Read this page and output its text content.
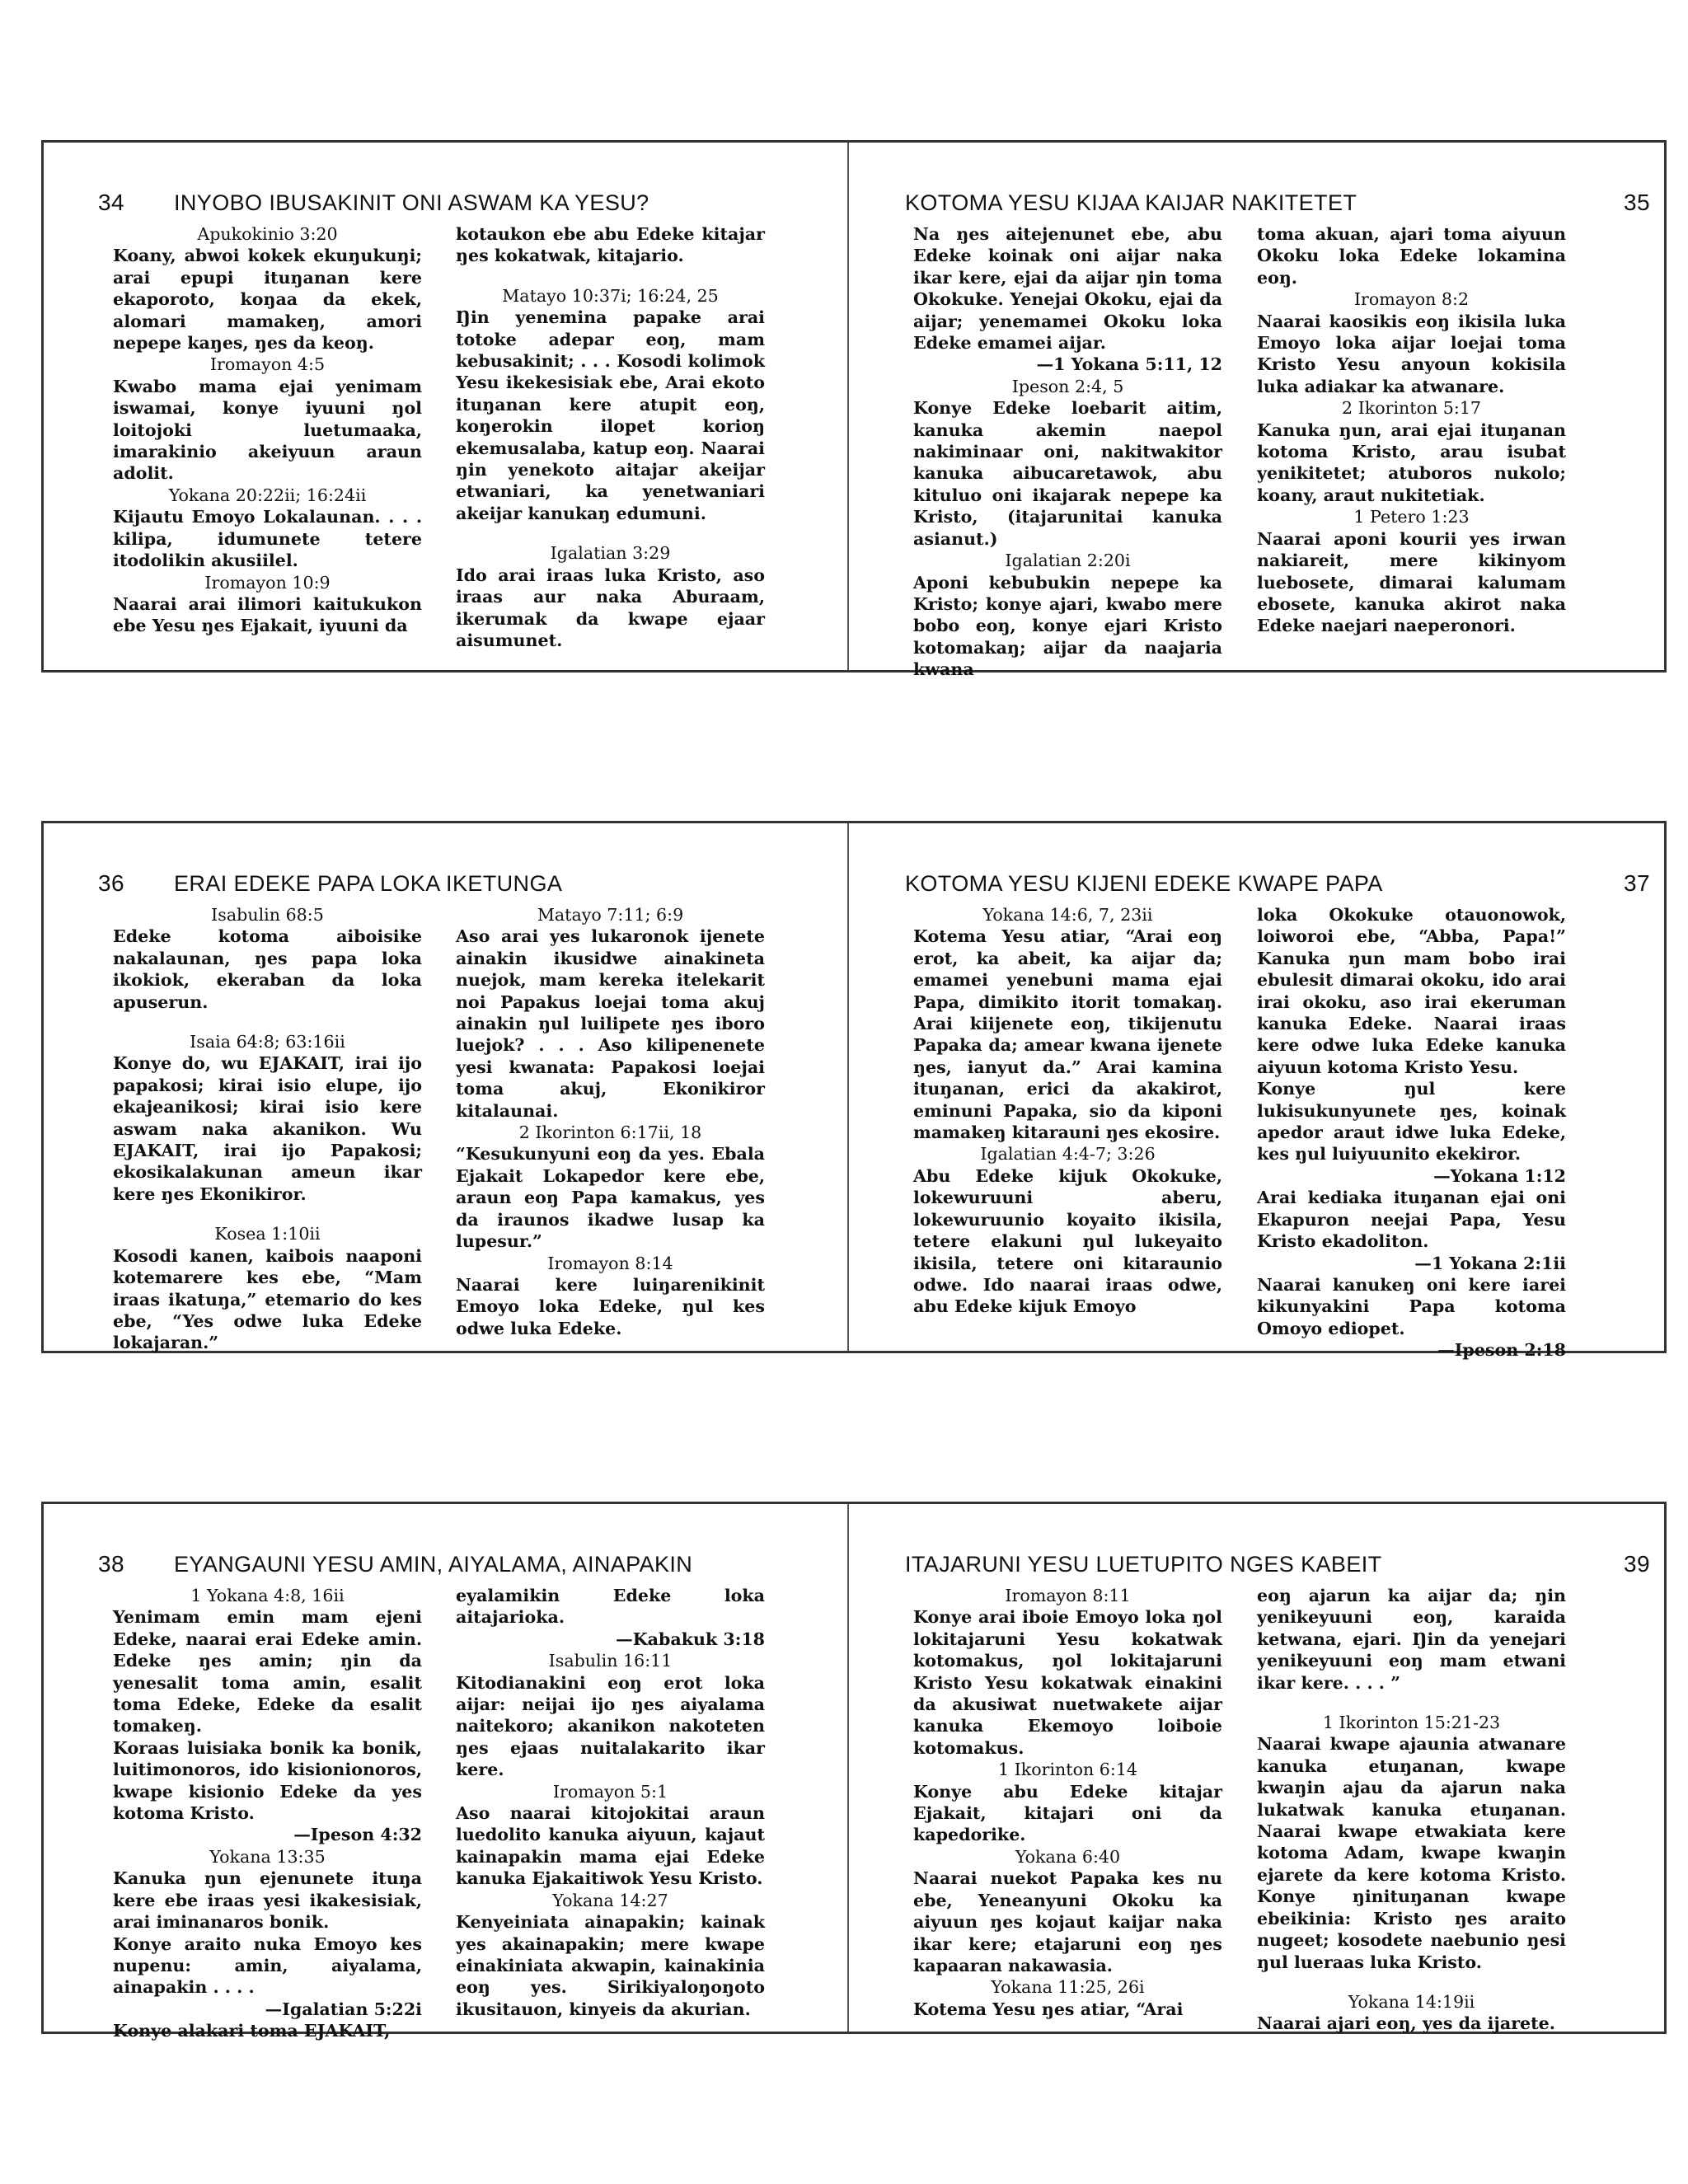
34	INYOBO IBUSAKINIT ONI ASWAM KA YESU?
Apukokinio 3:20
Koany, abwoi kokek ekuŋukuŋi; arai epupi ituŋanan kere ekaporoto, koŋaa da ekek, alomari mamakeŋ, amori nepepe kaŋes, ŋes da keoŋ.
Iromayon 4:5
Kwabo mama ejai yenimam iswamai, konye iyuuni ŋol loitojoki luetumaaka, imarakinio akeiyuun araun adolit.
Yokana 20:22ii; 16:24ii
Kijautu Emoyo Lokalaunan. . . . kilipa, idumunete tetere itodolikin akusiilel.
Iromayon 10:9
Naarai arai ilimori kaitukukon ebe Yesu ŋes Ejakait, iyuuni da
kotaukon ebe abu Edeke kitajar ŋes kokatwak, kitajario.
Matayo 10:37i; 16:24, 25
Ŋin yenemina papake arai totoke adepar eoŋ, mam kebusakinit; . . . Kosodi kolimok Yesu ikekesisiak ebe, Arai ekoto ituŋanan kere atupit eoŋ, koŋerokin ilopet korioŋ ekemusalaba, katup eoŋ. Naarai ŋin yenekoto aitajar akeijar etwaniari, ka yenetwaniari akeijar kanukaŋ edumuni.
Igalatian 3:29
Ido arai iraas luka Kristo, aso iraas aur naka Aburaam, ikerumak da kwape ejaar aisumunet.
KOTOMA YESU KIJAA KAIJAR NAKITETET	35
Na ŋes aitejenunet ebe, abu Edeke koinak oni aijar naka ikar kere, ejai da aijar ŋin toma Okokuke. Yenejai Okoku, ejai da aijar; yenemamei Okoku loka Edeke emamei aijar.
—1 Yokana 5:11, 12
Ipeson 2:4, 5
Konye Edeke loebarit aitim, kanuka akemin naepol nakiminaar oni, nakitwakitor kanuka aibucaretawok, abu kituluo oni ikajarak nepepe ka Kristo, (itajarunitai kanuka asianut.)
Igalatian 2:20i
Aponi kebubukin nepepe ka Kristo; konye ajari, kwabo mere bobo eoŋ, konye ejari Kristo kotomakaŋ; aijar da naajaria kwana
toma akuan, ajari toma aiyuun Okoku loka Edeke lokamina eoŋ.
Iromayon 8:2
Naarai kaosikis eoŋ ikisila luka Emoyo loka aijar loejai toma Kristo Yesu anyoun kokisila luka adiakar ka atwanare.
2 Ikorinton 5:17
Kanuka ŋun, arai ejai ituŋanan kotoma Kristo, arau isubat yenikitetet; atuboros nukolo; koany, araut nukitetiak.
1 Petero 1:23
Naarai aponi kourii yes irwan nakiareit, mere kikinyom luebosete, dimarai kalumam ebosete, kanuka akirot naka Edeke naejari naeperonori.
36	ERAI EDEKE PAPA LOKA IKETUNGA
Isabulin 68:5
Edeke kotoma aiboisike nakalaunan, ŋes papa loka ikokiok, ekeraban da loka apuserun.
Isaia 64:8; 63:16ii
Konye do, wu EJAKAIT, irai ijo papakosi; kirai isio elupe, ijo ekajeanikosi; kirai isio kere aswam naka akanikon. Wu EJAKAIT, irai ijo Papakosi; ekosikalakunan ameun ikar kere ŋes Ekonikiror.
Kosea 1:10ii
Kosodi kanen, kaibois naaponi kotemarere kes ebe, “Mam iraas ikatuŋa,” etemario do kes ebe, “Yes odwe luka Edeke lokajaran.”
Matayo 7:11; 6:9
Aso arai yes lukaronok ijenete ainakin ikusidwe ainakineta nuejok, mam kereka itelekarit noi Papakus loejai toma akuj ainakin ŋul luilipete ŋes iboro luejok? . . . Aso kilipenenete yesi kwanata: Papakosi loejai toma akuj, Ekonikiror kitalaunai.
2 Ikorinton 6:17ii, 18
“Kesukunyuni eoŋ da yes. Ebala Ejakait Lokapedor kere ebe, araun eoŋ Papa kamakus, yes da iraunos ikadwe lusap ka lupesur.”
Iromayon 8:14
Naarai kere luiŋarenikinit Emoyo loka Edeke, ŋul kes odwe luka Edeke.
KOTOMA YESU KIJENI EDEKE KWAPE PAPA	37
Yokana 14:6, 7, 23ii
Kotema Yesu atiar, “Arai eoŋ erot, ka abeit, ka aijar da; emamei yenebuni mama ejai Papa, dimikito itorit tomakaŋ. Arai kiijenete eoŋ, tikijenutu Papaka da; amear kwana ijenete ŋes, ianyut da.” Arai kamina ituŋanan, erici da akakirot, eminuni Papaka, sio da kiponi mamakeŋ kitarauni ŋes ekosire.
Igalatian 4:4-7; 3:26
Abu Edeke kijuk Okokuke, lokewuruuni aberu, lokewuruunio koyaito ikisila, tetere elakuni ŋul lukeyaito ikisila, tetere oni kitaraunio odwe. Ido naarai iraas odwe, abu Edeke kijuk Emoyo
loka Okokuke otauonowok, loiworoi ebe, “Abba, Papa!” Kanuka ŋun mam bobo irai ebulesit dimarai okoku, ido arai irai okoku, aso irai ekeruman kanuka Edeke. Naarai iraas kere odwe luka Edeke kanuka aiyuun kotoma Kristo Yesu.
Konye ŋul kere lukisukunyunete ŋes, koinak apedor araut idwe luka Edeke, kes ŋul luiyuunito ekekiror.
—Yokana 1:12
Arai kediaka ituŋanan ejai oni Ekapuron neejai Papa, Yesu Kristo ekadoliton.
—1 Yokana 2:1ii
Naarai kanukeŋ oni kere iarei kikunyakini Papa kotoma Omoyo ediopet.
—Ipeson 2:18
38	EYANGAUNI YESU AMIN, AIYALAMA, AINAPAKIN
1 Yokana 4:8, 16ii
Yenimam emin mam ejeni Edeke, naarai erai Edeke amin. Edeke ŋes amin; ŋin da yenesalit toma amin, esalit toma Edeke, Edeke da esalit tomakeŋ.
Koraas luisiaka bonik ka bonik, luitimonoros, ido kisionionoros, kwape kisionio Edeke da yes kotoma Kristo.
—Ipeson 4:32
Yokana 13:35
Kanuka ŋun ejenunete ituŋa kere ebe iraas yesi ikakesisiak, arai iminanaros bonik.
Konye araito nuka Emoyo kes nupenu: amin, aiyalama, ainapakin . . . .
—Igalatian 5:22i
Konye alakari toma EJAKAIT,
eyalamikin Edeke loka aitajarioka.
—Kabakuk 3:18
Isabulin 16:11
Kitodianakini eoŋ erot loka aijar: neijai ijo ŋes aiyalama naitekoro; akanikon nakoteten ŋes ejaas nuitalakarito ikar kere.
Iromayon 5:1
Aso naarai kitojokitai araun luedolito kanuka aiyuun, kajaut kainapakin mama ejai Edeke kanuka Ejakaitiwok Yesu Kristo.
Yokana 14:27
Kenyeiniata ainapakin; kainak yes akainapakin; mere kwape einakiniata akwapin, kainakinia eoŋ yes. Sirikiyaloŋoŋoto ikusitauon, kinyeis da akurian.
ITAJARUNI YESU LUETUPITO NGES KABEIT	39
Iromayon 8:11
Konye arai iboie Emoyo loka ŋol lokitajaruni Yesu kokatwak kotomakus, ŋol lokitajaruni Kristo Yesu kokatwak einakini da akusiwat nuetwakete aijar kanuka Ekemoyo loiboie kotomakus.
1 Ikorinton 6:14
Konye abu Edeke kitajar Ejakait, kitajari oni da kapedorike.
Yokana 6:40
Naarai nuekot Papaka kes nu ebe, Yeneanyuni Okoku ka aiyuun ŋes kojaut kaijar naka ikar kere; etajaruni eoŋ ŋes kapaaran nakawasia.
Yokana 11:25, 26i
Kotema Yesu ŋes atiar, “Arai
eoŋ ajarun ka aijar da; ŋin yenikeyuuni eoŋ, karaida ketwana, ejari. Ŋin da yenejari yenikeyuuni eoŋ mam etwani ikar kere. . . . ”
1 Ikorinton 15:21-23
Naarai kwape ajaunia atwanare kanuka etuŋanan, kwape kwaŋin ajau da ajarun naka lukatwak kanuka etuŋanan. Naarai kwape etwakiata kere kotoma Adam, kwape kwaŋin ejarete da kere kotoma Kristo. Konye ŋinituŋanan kwape ebeikinia: Kristo ŋes araito nugeet; kosodete naebunio ŋesi ŋul lueraas luka Kristo.
Yokana 14:19ii
Naarai ajari eoŋ, yes da ijarete.
